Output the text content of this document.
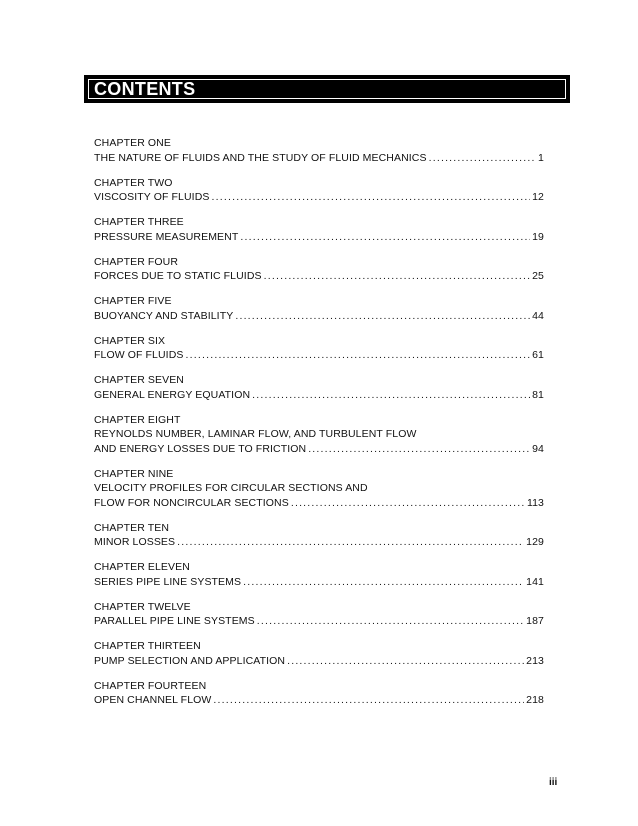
CONTENTS
CHAPTER ONE
THE NATURE OF FLUIDS AND THE STUDY OF FLUID MECHANICS .....	1
CHAPTER TWO
VISCOSITY OF FLUIDS .....	12
CHAPTER THREE
PRESSURE MEASUREMENT .....	19
CHAPTER FOUR
FORCES DUE TO STATIC FLUIDS .....	25
CHAPTER FIVE
BUOYANCY AND STABILITY .....	44
CHAPTER SIX
FLOW OF FLUIDS .....	61
CHAPTER SEVEN
GENERAL ENERGY EQUATION .....	81
CHAPTER EIGHT
REYNOLDS NUMBER, LAMINAR FLOW, AND TURBULENT FLOW
AND ENERGY LOSSES DUE TO FRICTION .....	94
CHAPTER NINE
VELOCITY PROFILES FOR CIRCULAR SECTIONS AND
FLOW FOR NONCIRCULAR SECTIONS .....	113
CHAPTER TEN
MINOR LOSSES .....	129
CHAPTER ELEVEN
SERIES PIPE LINE SYSTEMS .....	141
CHAPTER TWELVE
PARALLEL PIPE LINE SYSTEMS .....	187
CHAPTER THIRTEEN
PUMP SELECTION AND APPLICATION .....	213
CHAPTER FOURTEEN
OPEN CHANNEL FLOW .....	218
iii
